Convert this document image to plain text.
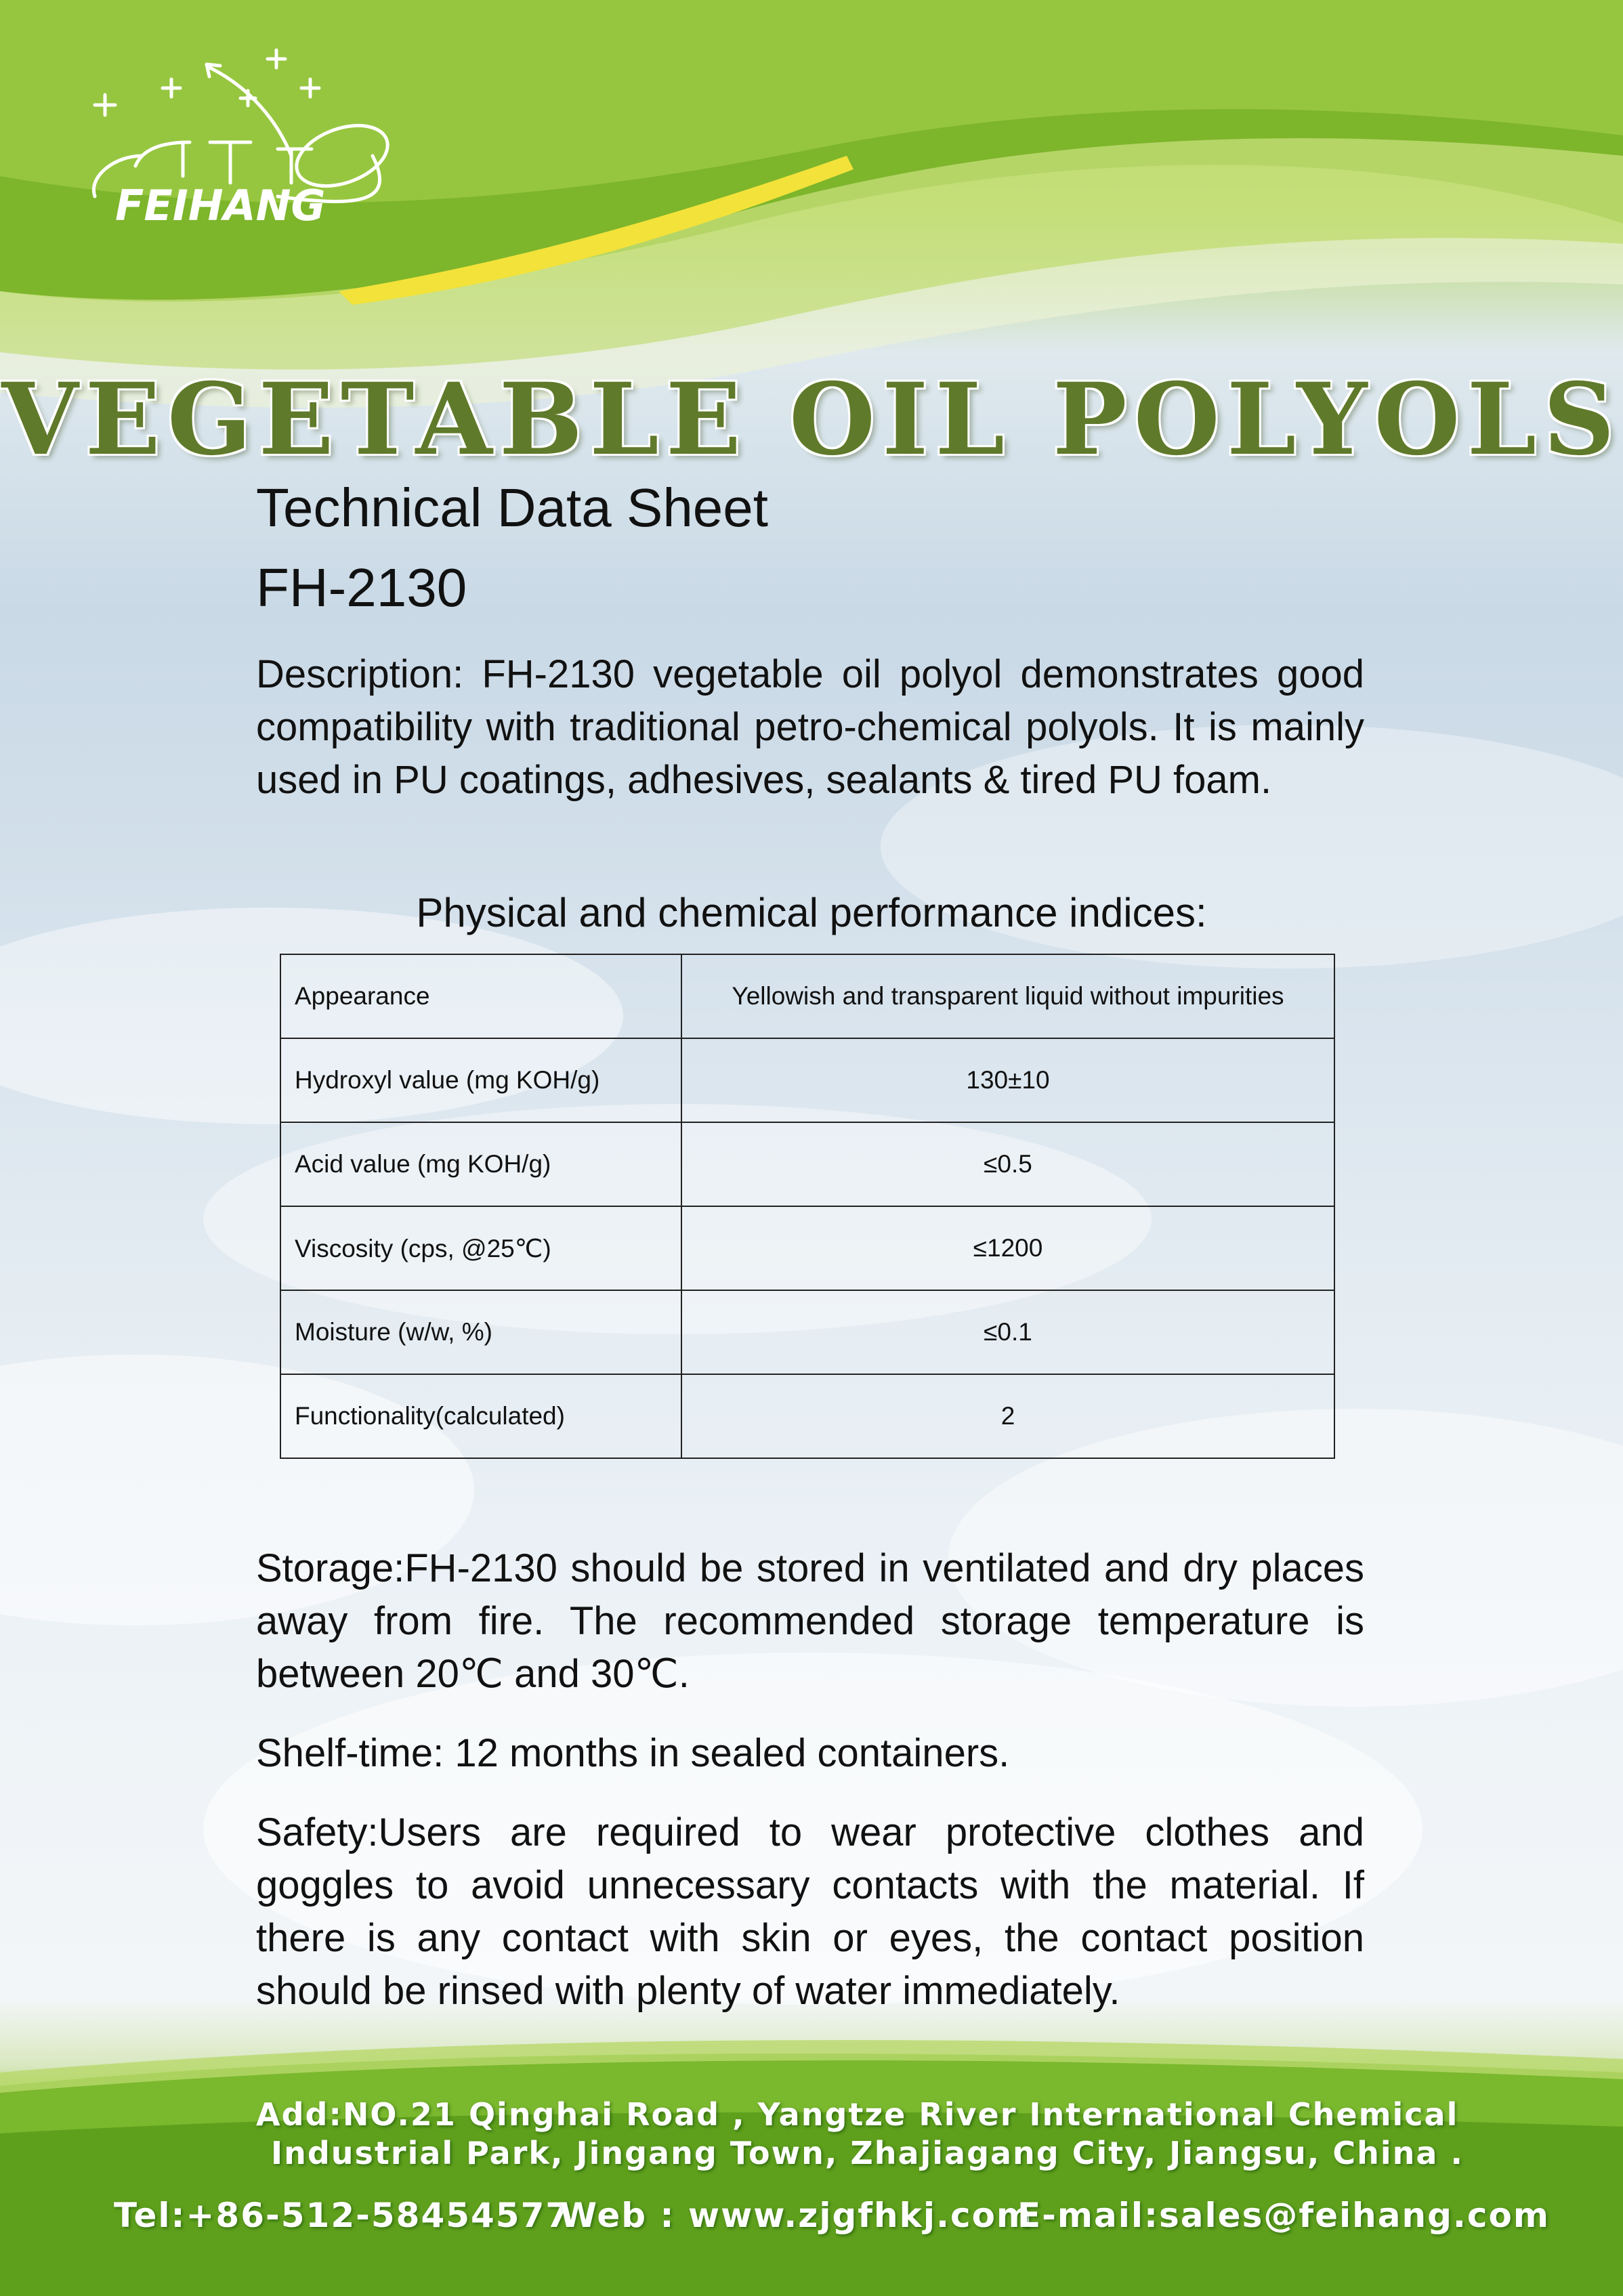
FEIHANG
VEGETABLE OIL POLYOLS
Technical Data Sheet
FH-2130

Description: FH-2130 vegetable oil polyol demonstrates good compatibility with traditional petro-chemical polyols. It is mainly used in PU coatings, adhesives, sealants & tired PU foam.

Physical and chemical performance indices:
Appearance	Yellowish and transparent liquid without impurities
Hydroxyl value (mg KOH/g)	130±10
Acid value (mg KOH/g)	≤0.5
Viscosity (cps, @25℃)	≤1200
Moisture (w/w, %)	≤0.1
Functionality(calculated)	2

Storage:FH-2130 should be stored in ventilated and dry places away from fire. The recommended storage temperature is between 20℃ and 30℃.

Shelf-time: 12 months in sealed containers.

Safety:Users are required to wear protective clothes and goggles to avoid unnecessary contacts with the material. If there is any contact with skin or eyes, the contact position should be rinsed with plenty of water immediately.

Add:NO.21 Qinghai Road , Yangtze River International Chemical

Industrial Park, Jingang Town, Zhajiagang City, Jiangsu, China .

Tel:+86-512-58454577
Web : www.zjgfhkj.com
E-mail:sales@feihang.com
